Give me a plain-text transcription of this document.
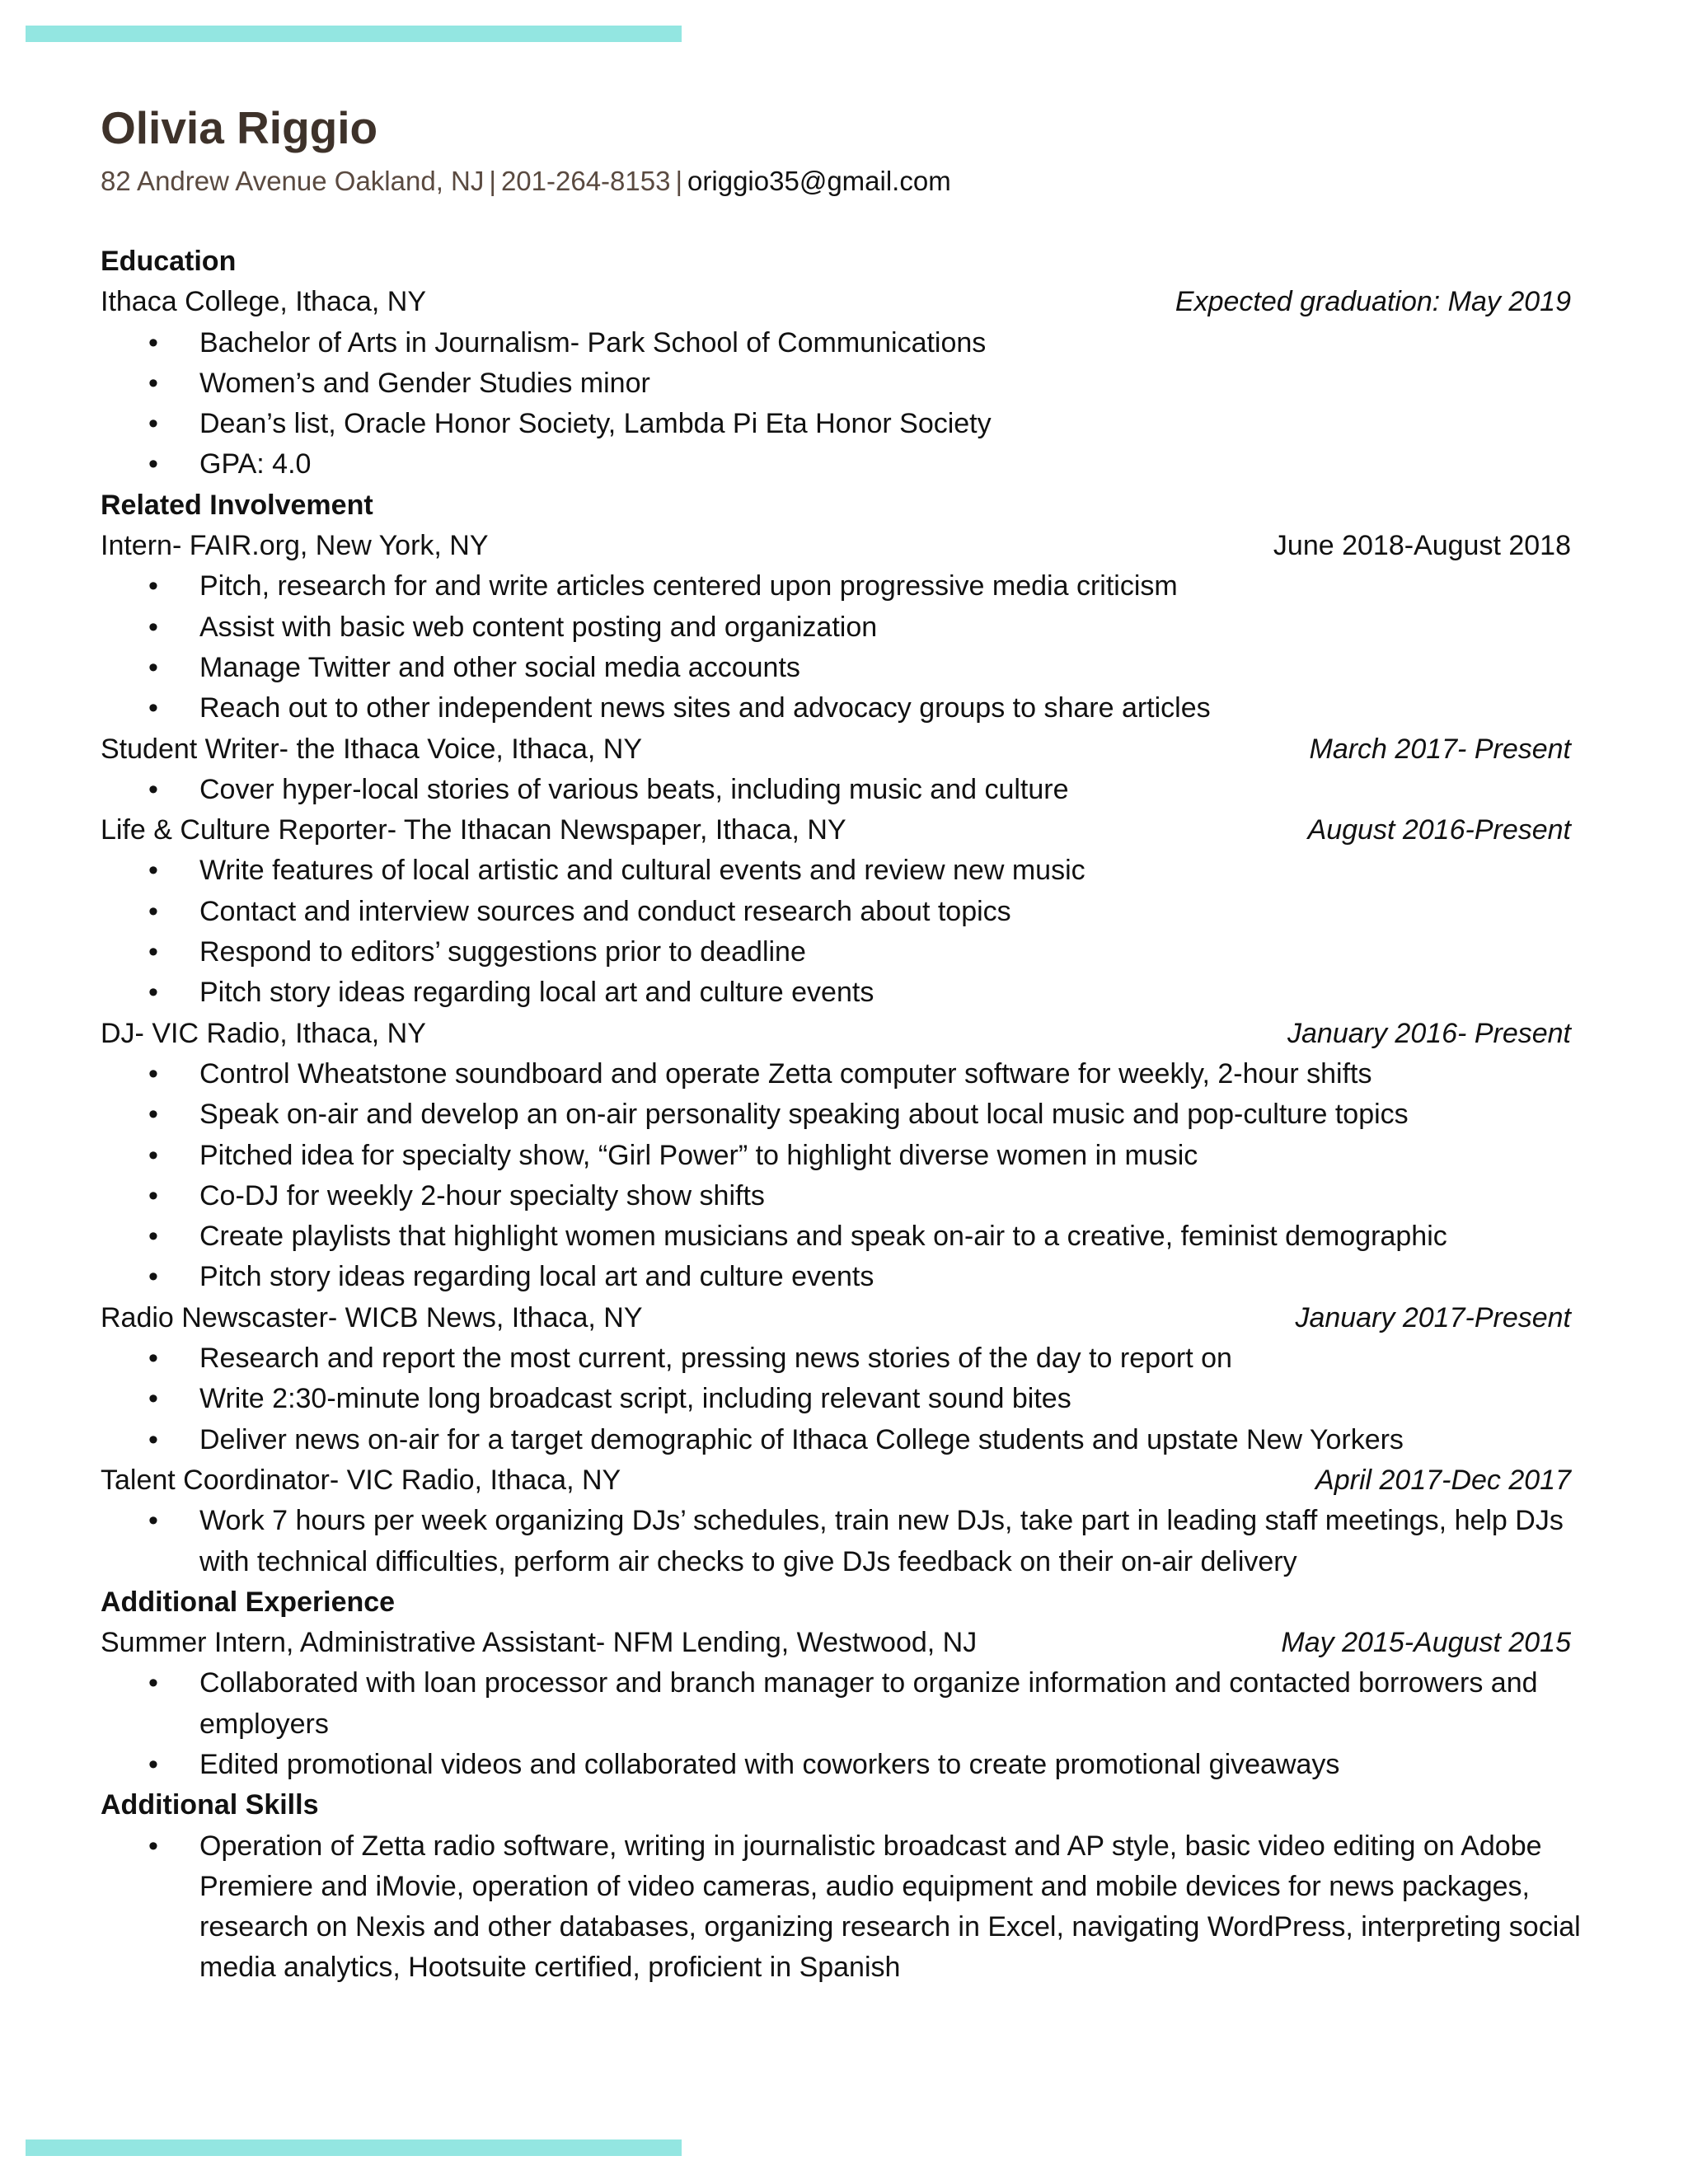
Olivia Riggio
82 Andrew Avenue Oakland, NJ | 201-264-8153 | origgio35@gmail.com
Education
Ithaca College, Ithaca, NY	Expected graduation: May 2019
• Bachelor of Arts in Journalism- Park School of Communications
• Women’s and Gender Studies minor
• Dean’s list, Oracle Honor Society, Lambda Pi Eta Honor Society
• GPA: 4.0
Related Involvement
Intern- FAIR.org, New York, NY	June 2018-August 2018
• Pitch, research for and write articles centered upon progressive media criticism
• Assist with basic web content posting and organization
• Manage Twitter and other social media accounts
• Reach out to other independent news sites and advocacy groups to share articles
Student Writer- the Ithaca Voice, Ithaca, NY	March 2017- Present
• Cover hyper-local stories of various beats, including music and culture
Life & Culture Reporter- The Ithacan Newspaper, Ithaca, NY	August 2016-Present
• Write features of local artistic and cultural events and review new music
• Contact and interview sources and conduct research about topics
• Respond to editors’ suggestions prior to deadline
• Pitch story ideas regarding local art and culture events
DJ- VIC Radio, Ithaca, NY	January 2016- Present
• Control Wheatstone soundboard and operate Zetta computer software for weekly, 2-hour shifts
• Speak on-air and develop an on-air personality speaking about local music and pop-culture topics
• Pitched idea for specialty show, “Girl Power” to highlight diverse women in music
• Co-DJ for weekly 2-hour specialty show shifts
• Create playlists that highlight women musicians and speak on-air to a creative, feminist demographic
• Pitch story ideas regarding local art and culture events
Radio Newscaster- WICB News, Ithaca, NY	January 2017-Present
• Research and report the most current, pressing news stories of the day to report on
• Write 2:30-minute long broadcast script, including relevant sound bites
• Deliver news on-air for a target demographic of Ithaca College students and upstate New Yorkers
Talent Coordinator- VIC Radio, Ithaca, NY	April 2017-Dec 2017
• Work 7 hours per week organizing DJs’ schedules, train new DJs, take part in leading staff meetings, help DJs with technical difficulties, perform air checks to give DJs feedback on their on-air delivery
Additional Experience
Summer Intern, Administrative Assistant- NFM Lending, Westwood, NJ	May 2015-August 2015
• Collaborated with loan processor and branch manager to organize information and contacted borrowers and employers
• Edited promotional videos and collaborated with coworkers to create promotional giveaways
Additional Skills
• Operation of Zetta radio software, writing in journalistic broadcast and AP style, basic video editing on Adobe Premiere and iMovie, operation of video cameras, audio equipment and mobile devices for news packages, research on Nexis and other databases, organizing research in Excel, navigating WordPress, interpreting social media analytics, Hootsuite certified, proficient in Spanish
